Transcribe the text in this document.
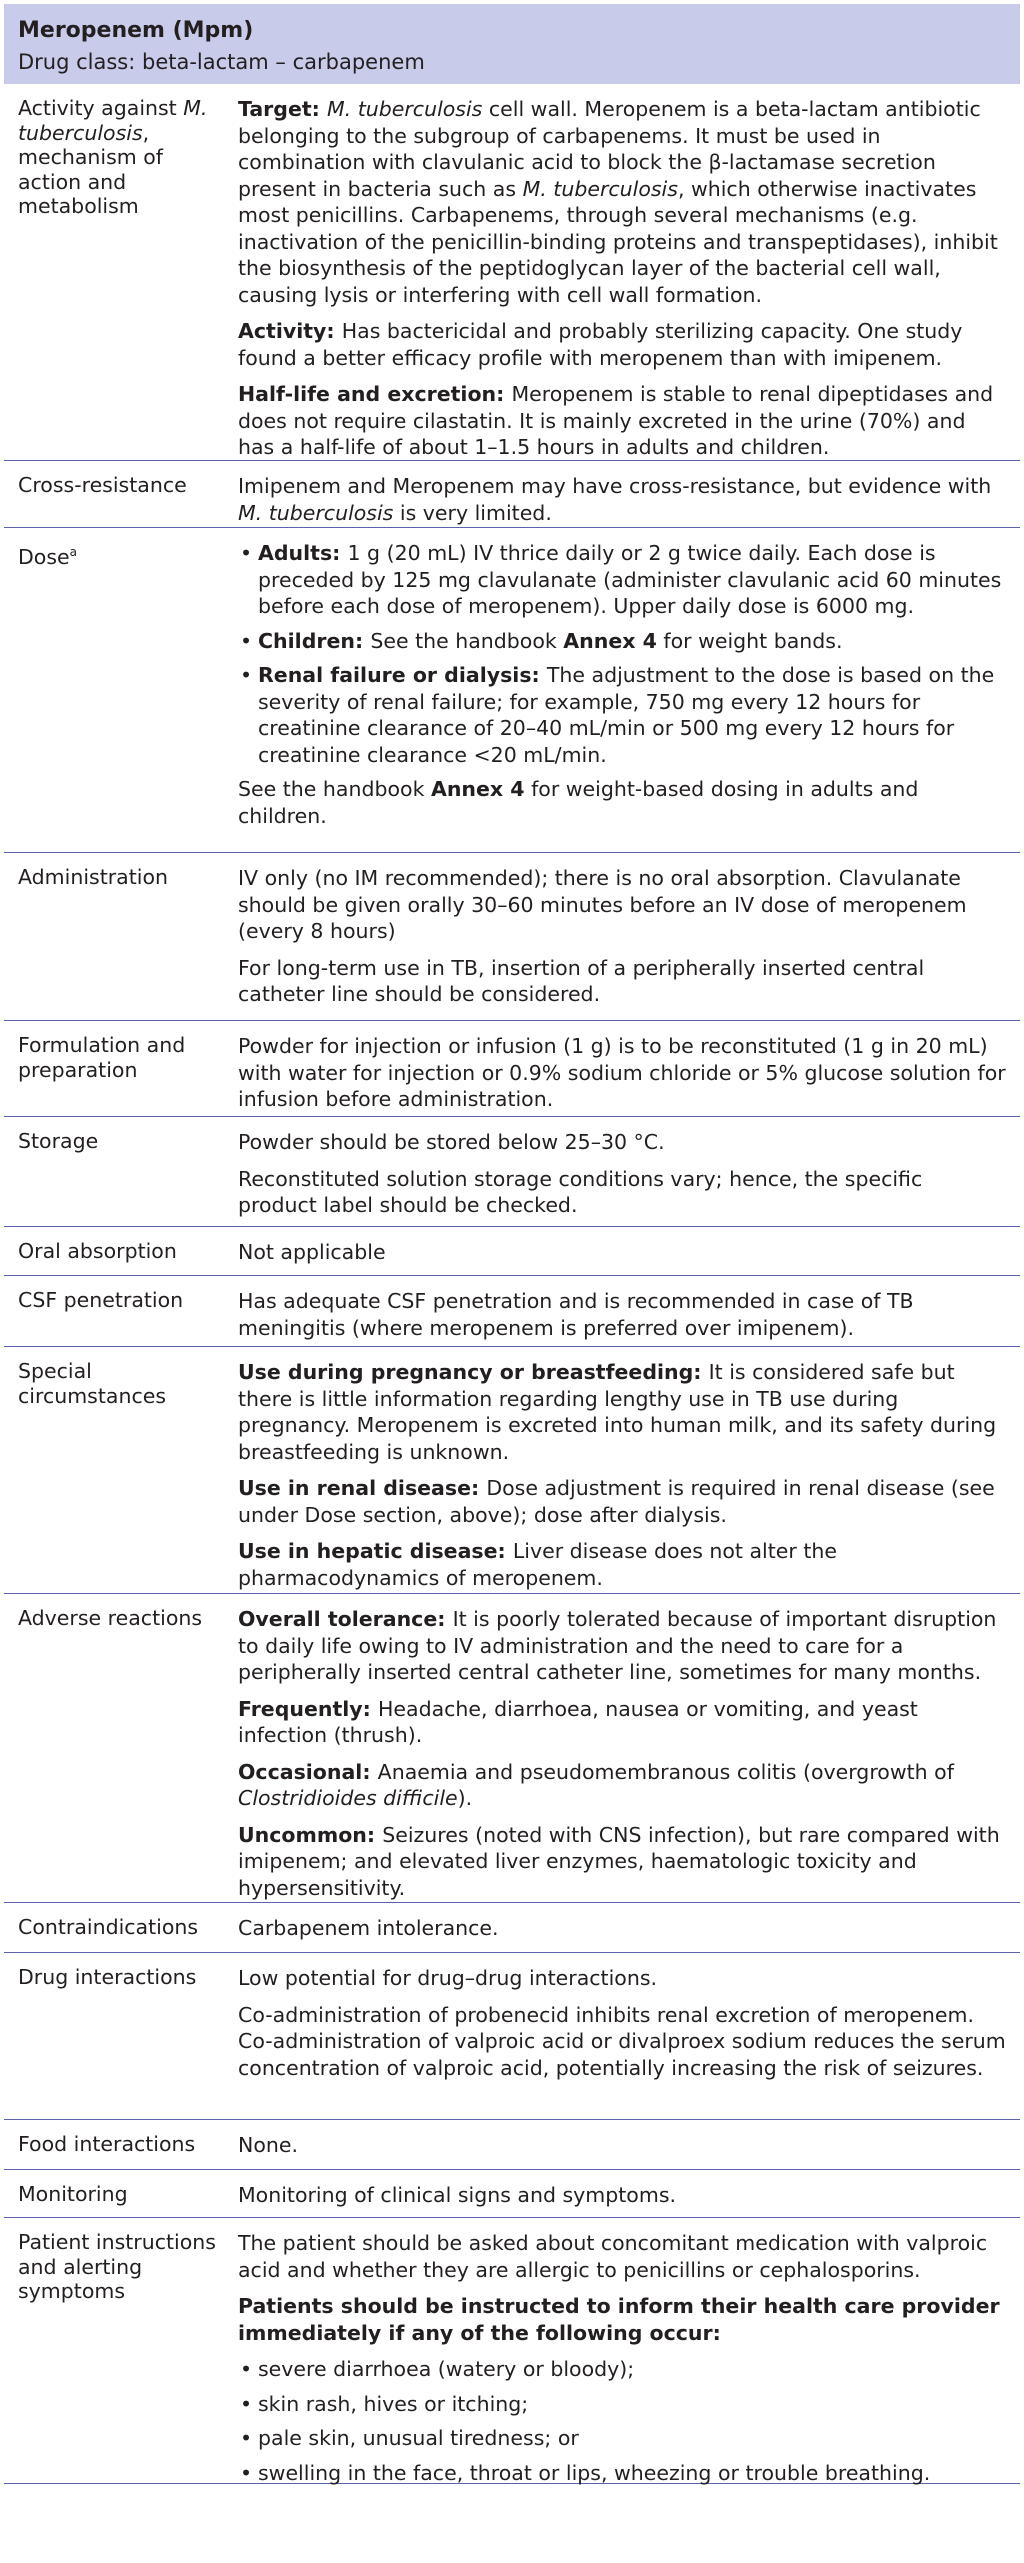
Meropenem (Mpm)
Drug class: beta-lactam – carbapenem
Activity against M. tuberculosis, mechanism of action and metabolism

Target: M. tuberculosis cell wall. Meropenem is a beta-lactam antibiotic belonging to the subgroup of carbapenems. It must be used in combination with clavulanic acid to block the β-lactamase secretion present in bacteria such as M. tuberculosis, which otherwise inactivates most penicillins. Carbapenems, through several mechanisms (e.g. inactivation of the penicillin-binding proteins and transpeptidases), inhibit the biosynthesis of the peptidoglycan layer of the bacterial cell wall, causing lysis or interfering with cell wall formation.

Activity: Has bactericidal and probably sterilizing capacity. One study found a better efficacy profile with meropenem than with imipenem.

Half-life and excretion: Meropenem is stable to renal dipeptidases and does not require cilastatin. It is mainly excreted in the urine (70%) and has a half-life of about 1–1.5 hours in adults and children.

Cross-resistance	Imipenem and Meropenem may have cross-resistance, but evidence with M. tuberculosis is very limited.

Dose$^a$
•	Adults: 1 g (20 mL) IV thrice daily or 2 g twice daily. Each dose is preceded by 125 mg clavulanate (administer clavulanic acid 60 minutes before each dose of meropenem). Upper daily dose is 6000 mg.
• Children: See the handbook Annex 4 for weight bands.
• Renal failure or dialysis: The adjustment to the dose is based on the severity of renal failure; for example, 750 mg every 12 hours for creatinine clearance of 20–40 mL/min or 500 mg every 12 hours for creatinine clearance <20 mL/min.

See the handbook Annex 4 for weight-based dosing in adults and children.

Administration	IV only (no IM recommended); there is no oral absorption. Clavulanate should be given orally 30–60 minutes before an IV dose of meropenem (every 8 hours)

For long-term use in TB, insertion of a peripherally inserted central catheter line should be considered.

Formulation and preparation

Powder for injection or infusion (1 g) is to be reconstituted (1 g in 20 mL) with water for injection or 0.9% sodium chloride or 5% glucose solution for infusion before administration.

Storage	Powder should be stored below 25–30 °C.

Reconstituted solution storage conditions vary; hence, the specific product label should be checked.

Oral absorption	Not applicable

CSF penetration	Has adequate CSF penetration and is recommended in case of TB meningitis (where meropenem is preferred over imipenem).

Special circumstances

Use during pregnancy or breastfeeding: It is considered safe but there is little information regarding lengthy use in TB use during pregnancy. Meropenem is excreted into human milk, and its safety during breastfeeding is unknown.

Use in renal disease: Dose adjustment is required in renal disease (see under Dose section, above); dose after dialysis.

Use in hepatic disease: Liver disease does not alter the pharmacodynamics of meropenem.

Adverse reactions	Overall tolerance: It is poorly tolerated because of important disruption to daily life owing to IV administration and the need to care for a peripherally inserted central catheter line, sometimes for many months.

Frequently: Headache, diarrhoea, nausea or vomiting, and yeast infection (thrush).

Occasional: Anaemia and pseudomembranous colitis (overgrowth of Clostridioides difficile).

Uncommon: Seizures (noted with CNS infection), but rare compared with imipenem; and elevated liver enzymes, haematologic toxicity and hypersensitivity.

Contraindications	Carbapenem intolerance.

Drug interactions	Low potential for drug–drug interactions.

Co-administration of probenecid inhibits renal excretion of meropenem. Co-administration of valproic acid or divalproex sodium reduces the serum concentration of valproic acid, potentially increasing the risk of seizures.

Food interactions	None.

Monitoring	Monitoring of clinical signs and symptoms.

Patient instructions and alerting symptoms

The patient should be asked about concomitant medication with valproic acid and whether they are allergic to penicillins or cephalosporins.

Patients should be instructed to inform their health care provider immediately if any of the following occur:

• severe diarrhoea (watery or bloody);
• skin rash, hives or itching;
• pale skin, unusual tiredness; or
• swelling in the face, throat or lips, wheezing or trouble breathing.
